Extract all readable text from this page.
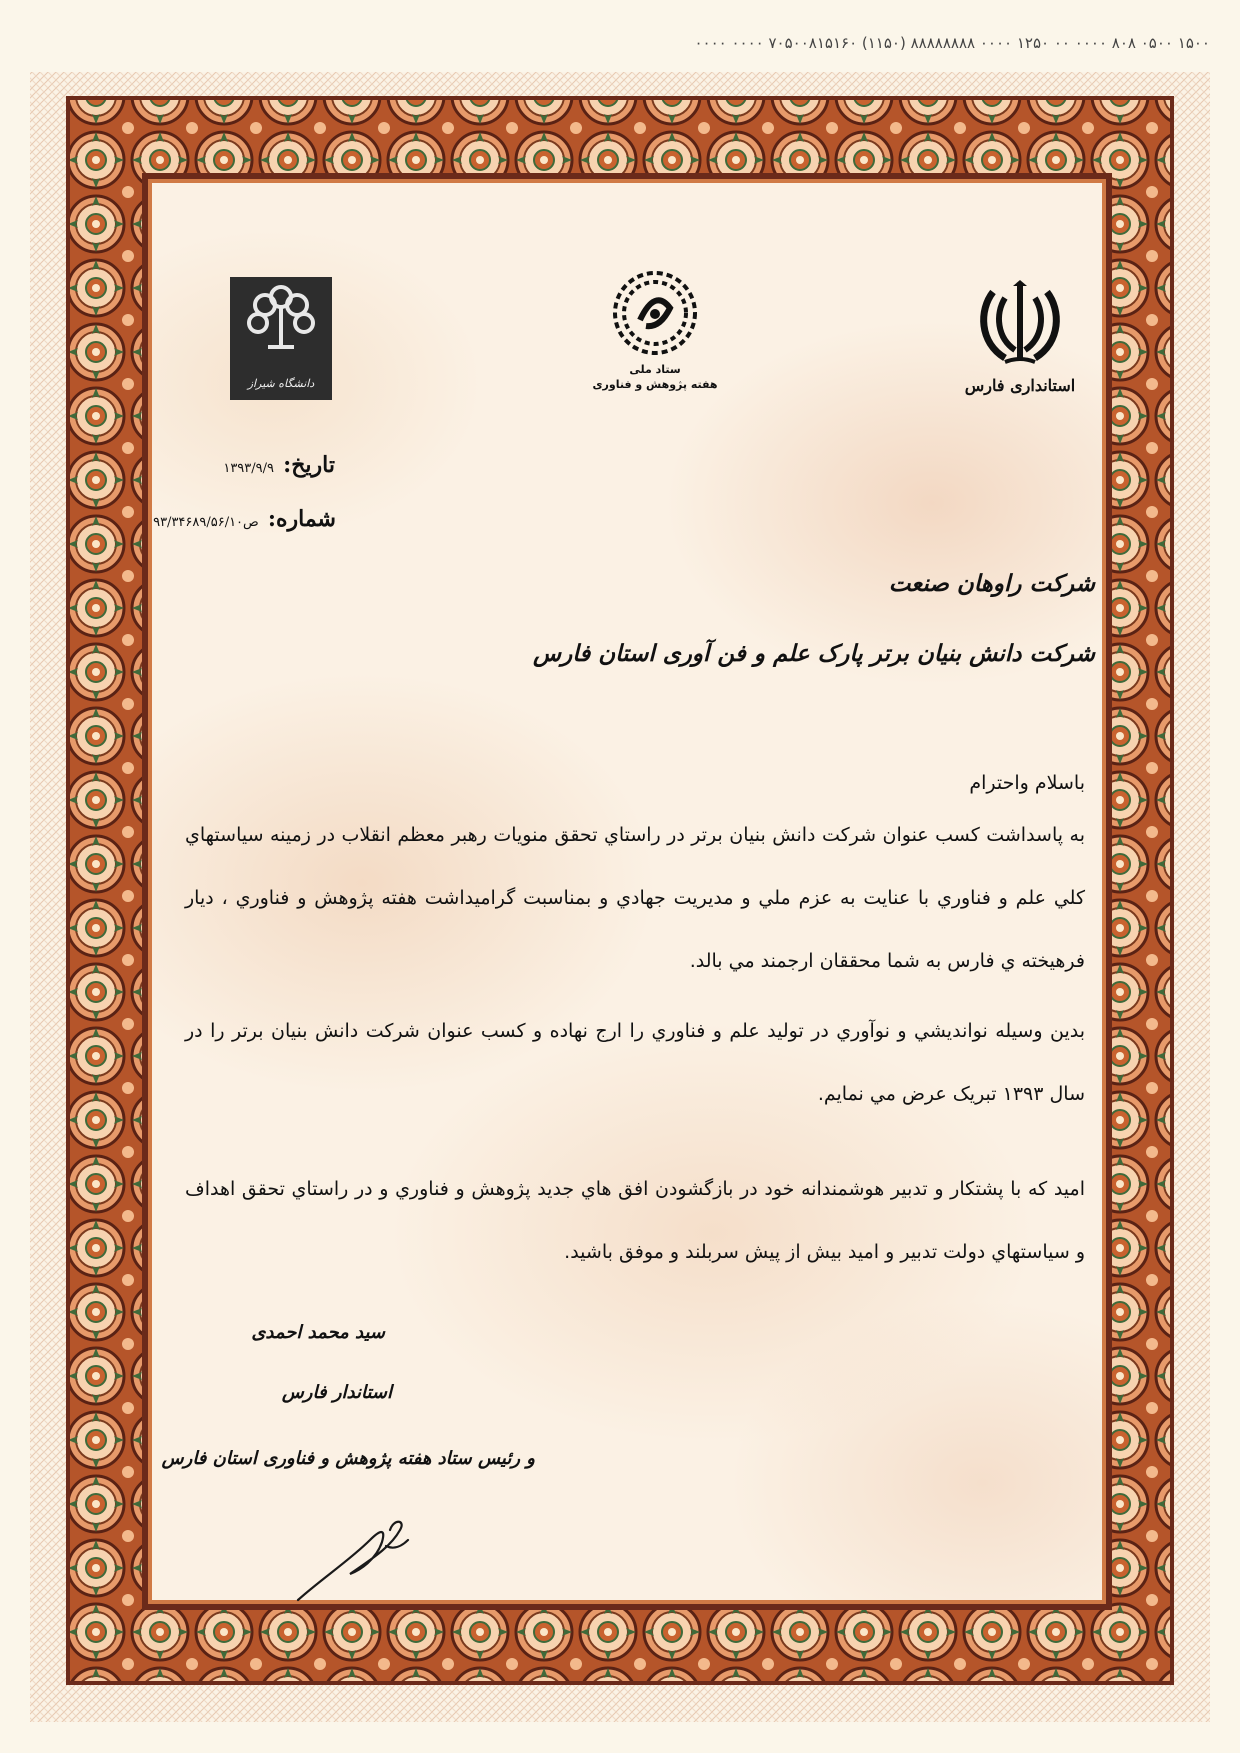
۱۵۰۰ ۰۵۰۰ ۸۰۸ ۰۰۰۰ ۰۰ ۱۲۵۰ ۰۰۰۰ ۸۸۸۸۸۸۸۸ (۱۱۵۰) ۷۰۵۰۰۸۱۵۱۶۰ ۰۰۰۰ ۰۰۰۰
استانداری فارس
ستاد ملی
هفته پژوهش و فناوری
دانشگاه شیراز
تاریخ: ۱۳۹۳/۹/۹
شماره: ص۹۳/۳۴۶۸۹/۵۶/۱۰
شرکت راوهان صنعت
شرکت دانش بنیان برتر پارک علم و فن آوری استان فارس

باسلام واحترام

به پاسداشت کسب عنوان شرکت دانش بنیان برتر در راستاي تحقق منويات رهبر معظم انقلاب در زمينه سياستهاي کلي علم و فناوري با عنايت به عزم ملي و مديريت جهادي و بمناسبت گراميداشت هفته پژوهش و فناوري ، ديار فرهيخته ي فارس به شما محققان ارجمند مي بالد.

بدين وسيله نوانديشي و نوآوري در توليد علم و فناوري را ارج نهاده و کسب عنوان شرکت دانش بنيان برتر را در سال ۱۳۹۳ تبريک عرض مي نمايم.

اميد که با پشتکار و تدبير هوشمندانه خود در بازگشودن افق هاي جديد پژوهش و فناوري و در راستاي تحقق اهداف و سياستهاي دولت تدبير و اميد بيش از پيش سربلند و موفق باشيد.

سید محمد احمدی
استاندار فارس
و رئیس ستاد هفته پژوهش و فناوری استان فارس
